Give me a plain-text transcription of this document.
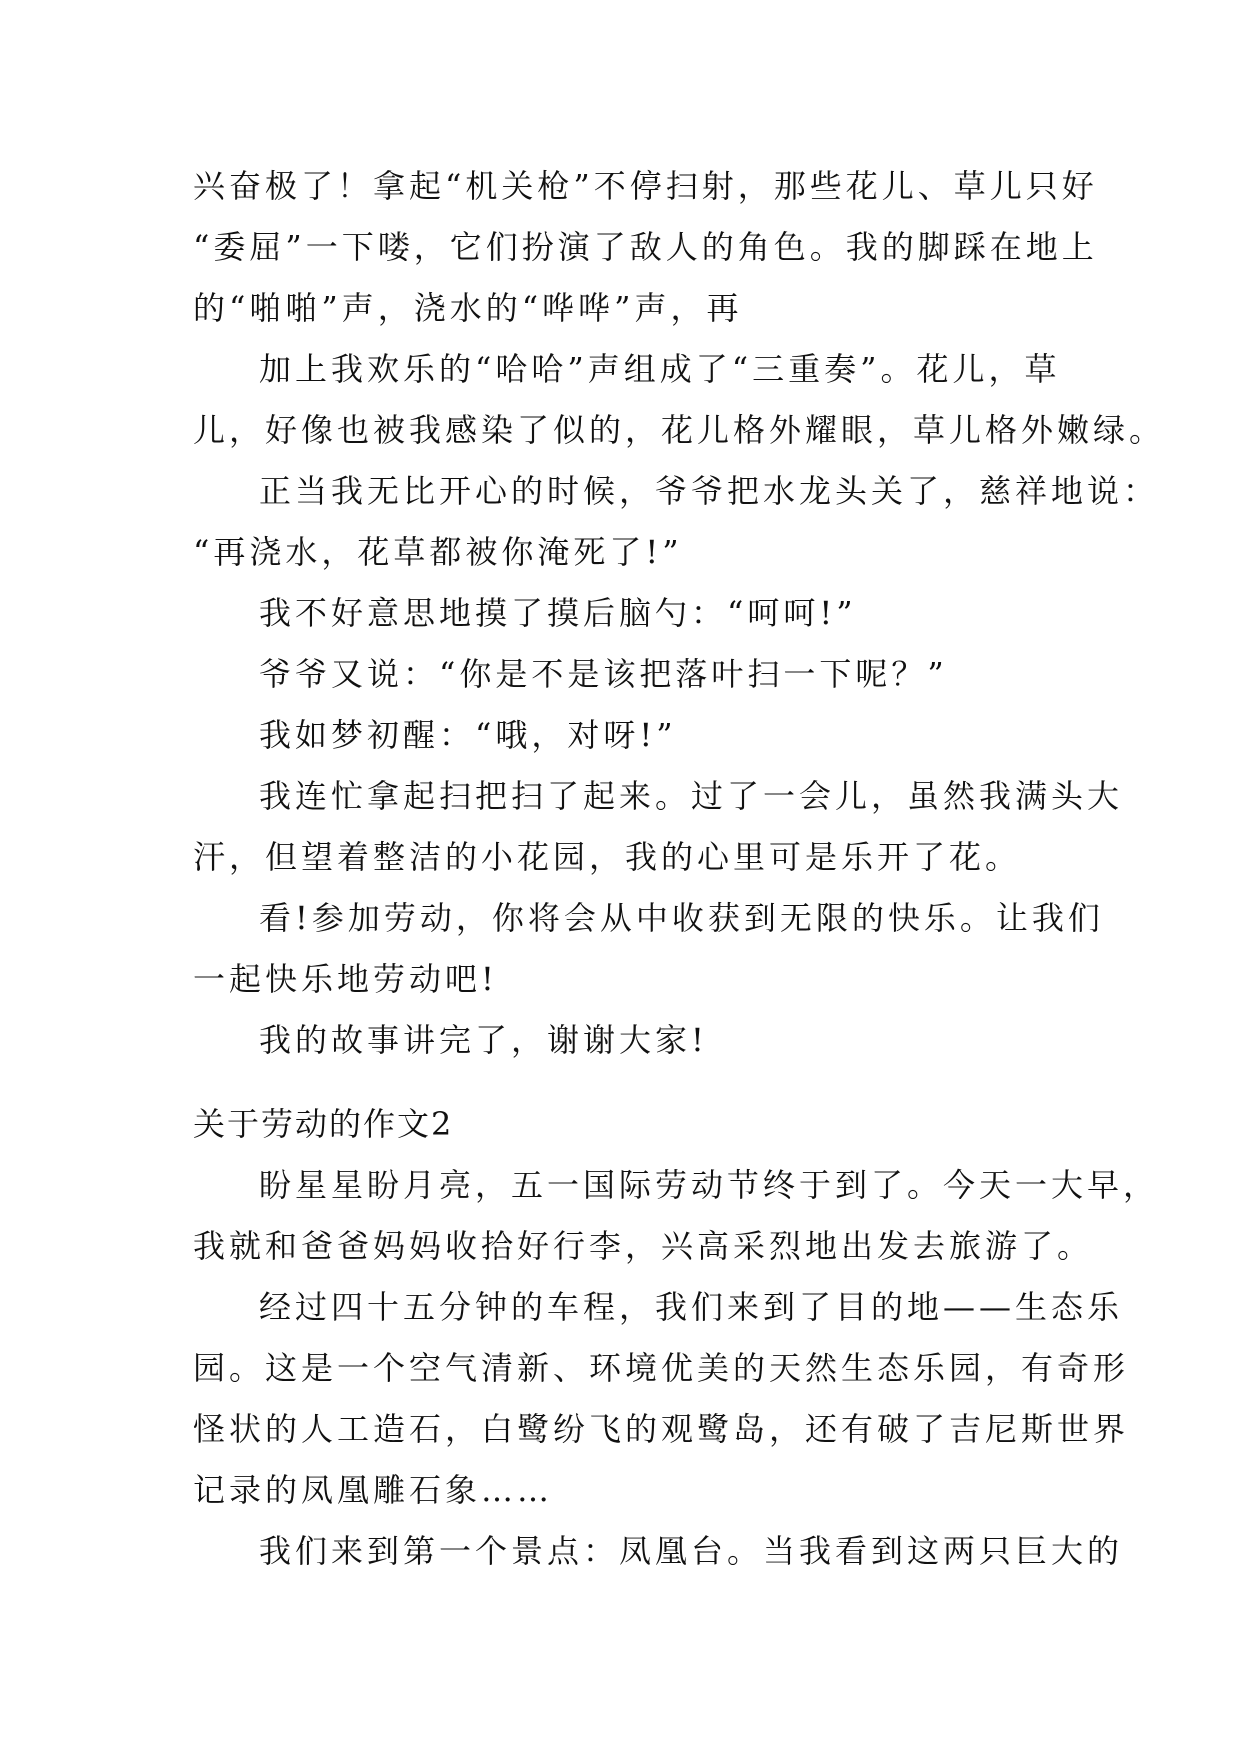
兴奋极了！拿起“机关枪”不停扫射，那些花儿、草儿只好
“委屈”一下喽，它们扮演了敌人的角色。我的脚踩在地上
的“啪啪”声，浇水的“哗哗”声，再
加上我欢乐的“哈哈”声组成了“三重奏”。花儿，草
儿，好像也被我感染了似的，花儿格外耀眼，草儿格外嫩绿。
正当我无比开心的时候，爷爷把水龙头关了，慈祥地说：
“再浇水，花草都被你淹死了!”
我不好意思地摸了摸后脑勺：“呵呵!”
爷爷又说：“你是不是该把落叶扫一下呢？”
我如梦初醒：“哦，对呀!”
我连忙拿起扫把扫了起来。过了一会儿，虽然我满头大
汗，但望着整洁的小花园，我的心里可是乐开了花。
看!参加劳动，你将会从中收获到无限的快乐。让我们
一起快乐地劳动吧!
我的故事讲完了，谢谢大家!
关于劳动的作文2
盼星星盼月亮，五一国际劳动节终于到了。今天一大早，
我就和爸爸妈妈收拾好行李，兴高采烈地出发去旅游了。
经过四十五分钟的车程，我们来到了目的地——生态乐
园。这是一个空气清新、环境优美的天然生态乐园，有奇形
怪状的人工造石，白鹭纷飞的观鹭岛，还有破了吉尼斯世界
记录的凤凰雕石象……
我们来到第一个景点：凤凰台。当我看到这两只巨大的
